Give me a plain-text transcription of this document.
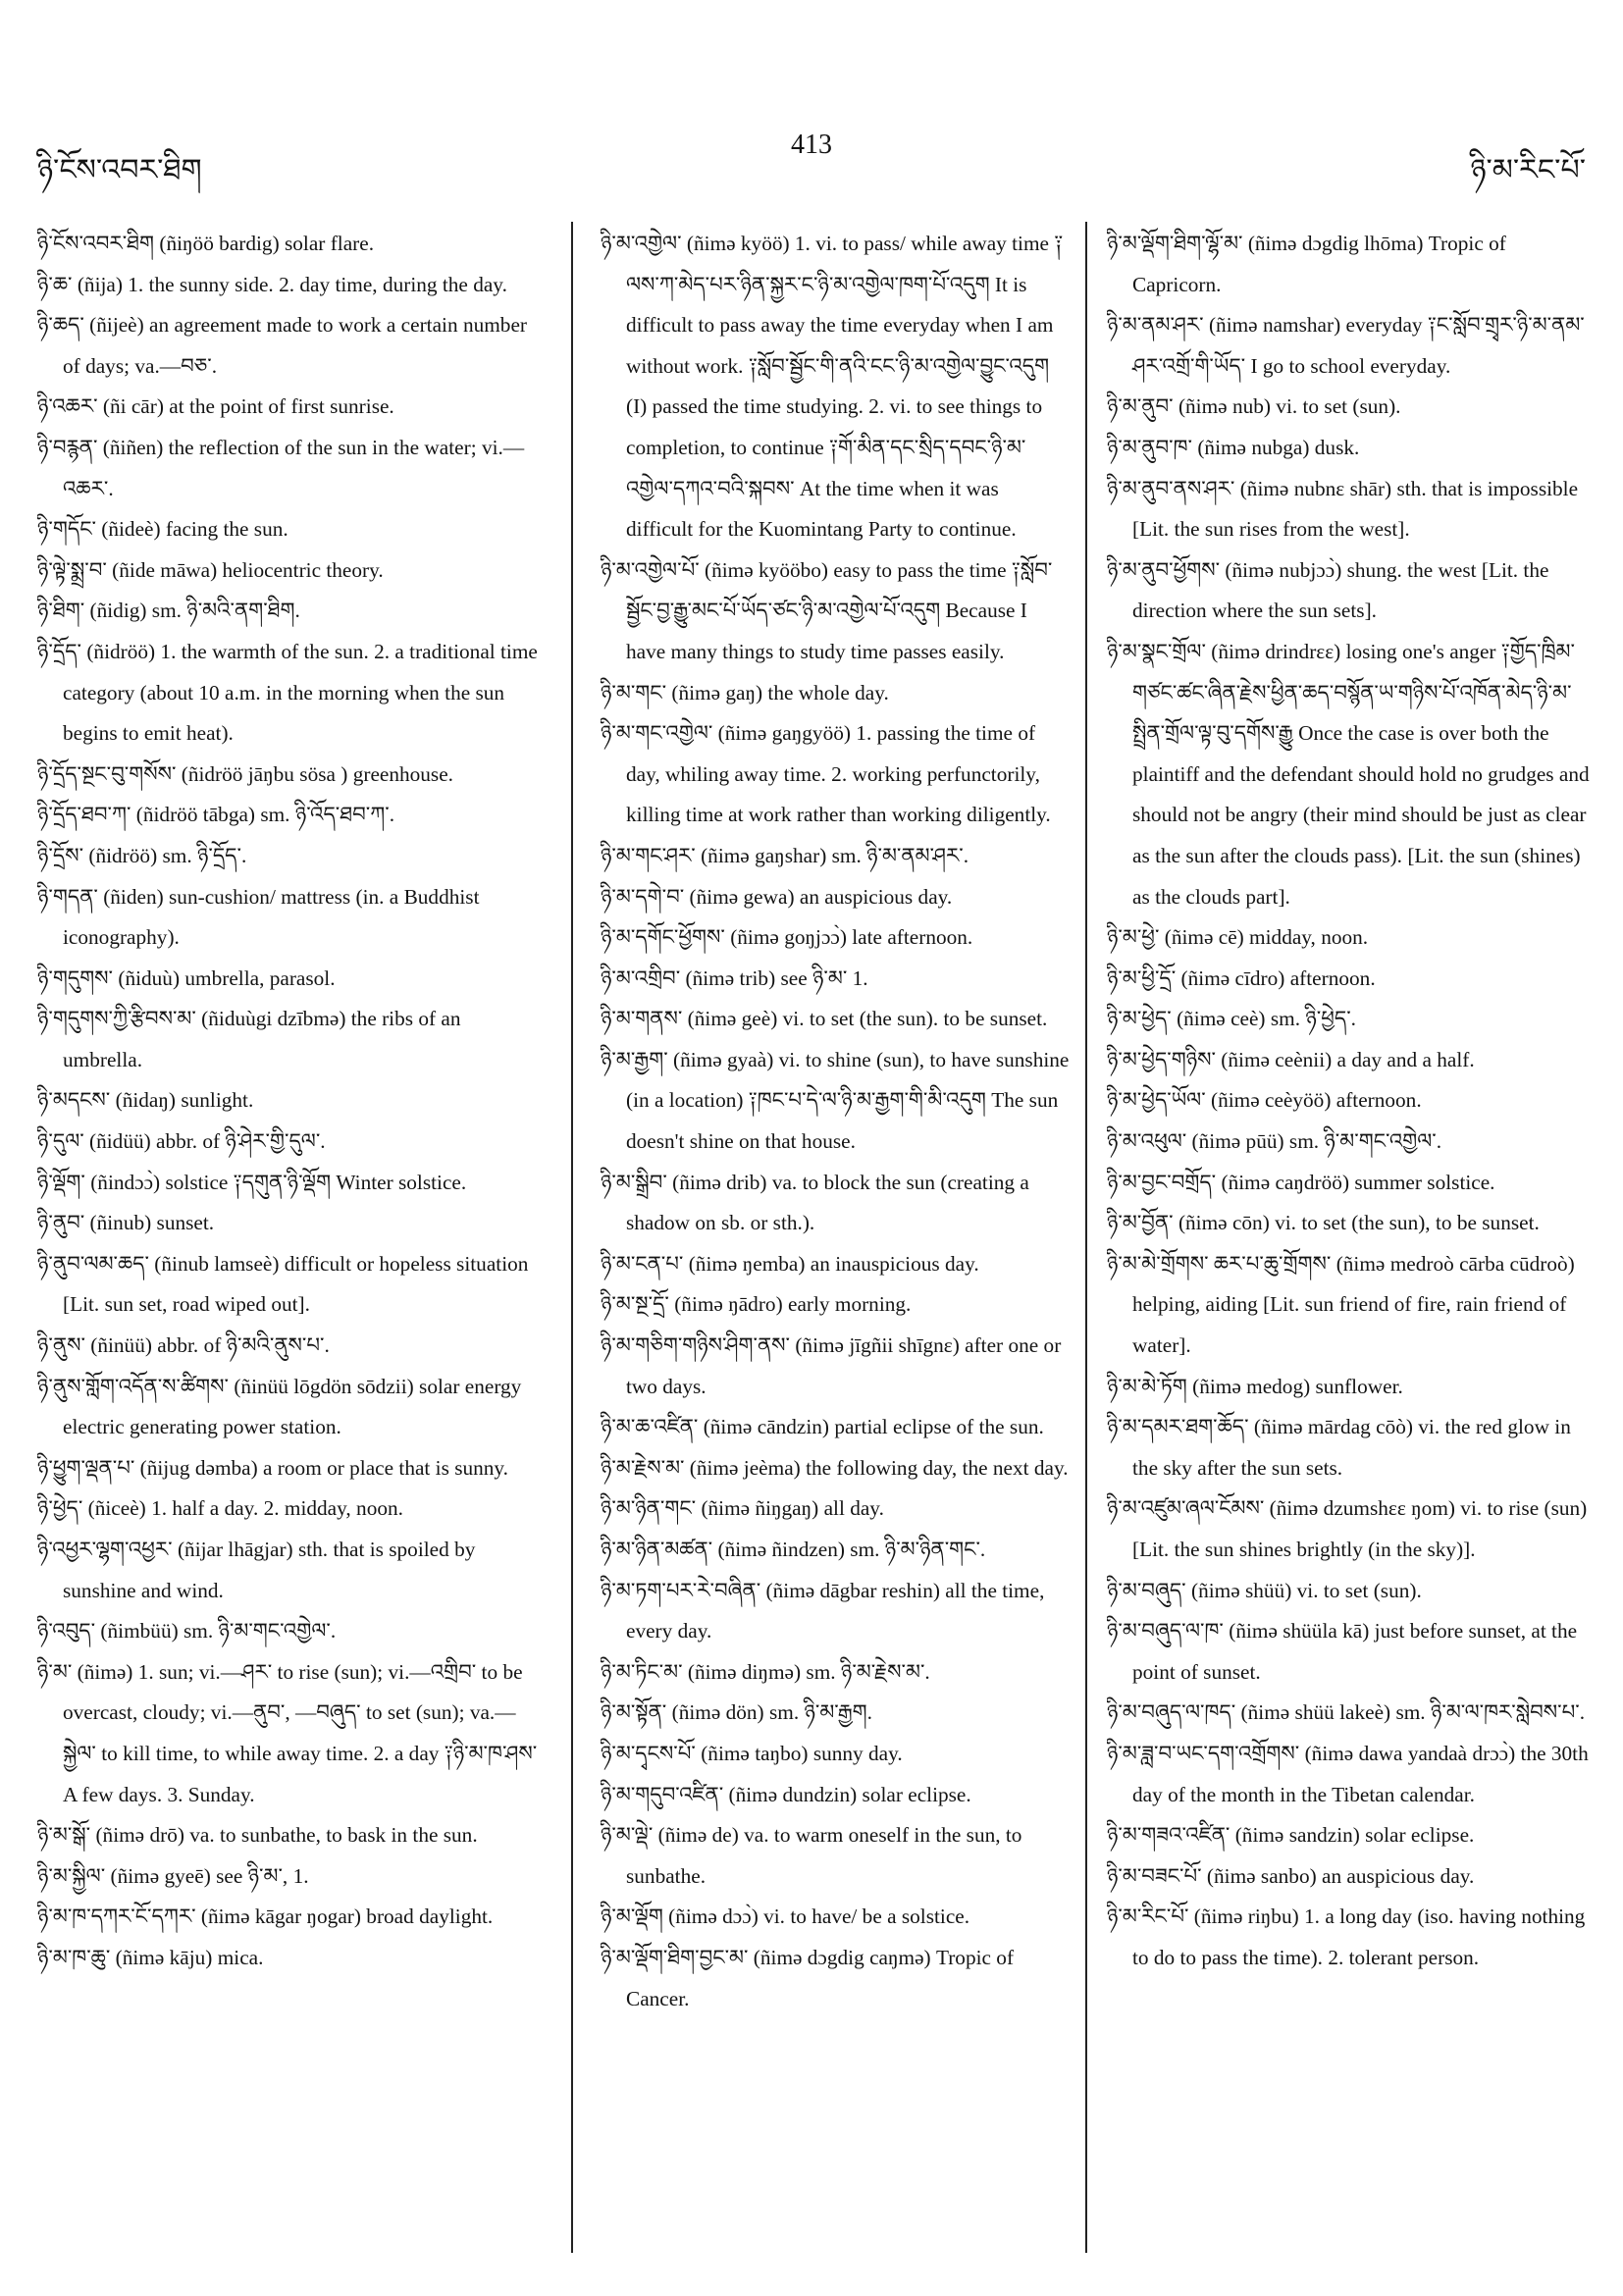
ཉི་ངོས་འབར་ཐིག
413
ཉི་མ་རིང་པོ་

ཉི་ངོས་འབར་ཐིག (ñiŋöö bardig) solar flare.

ཉི་ཆ་ (ñija) 1. the sunny side. 2. day time, during the day.

ཉི་ཆད་ (ñijeè) an agreement made to work a certain number of days; va.—བཅ་.

ཉི་འཆར་ (ñi cār) at the point of first sunrise.

ཉི་བརྙན་ (ñiñen) the reflection of the sun in the water; vi.—འཆར་.

ཉི་གདོང་ (ñideè) facing the sun.

ཉི་ལྟེ་སྨྲ་བ་ (ñide māwa) heliocentric theory.

ཉི་ཐིག་ (ñidig) sm. ཉི་མའི་ནག་ཐིག.

ཉི་དྲོད་ (ñidröö) 1. the warmth of the sun. 2. a traditional time category (about 10 a.m. in the morning when the sun begins to emit heat).

ཉི་དྲོད་སྔང་བུ་གསོས་ (ñidröö jāŋbu sösa ) greenhouse.

ཉི་དྲོད་ཐབ་ཀ་ (ñidröö tābga) sm. ཉི་འོད་ཐབ་ཀ་.

ཉི་དྲོས་ (ñidröö) sm. ཉི་དྲོད་.

ཉི་གདན་ (ñiden) sun-cushion/ mattress (in. a Buddhist iconography).

ཉི་གདུགས་ (ñiduù) umbrella, parasol.

ཉི་གདུགས་ཀྱི་རྩིབས་མ་ (ñiduùgi dzībmə) the ribs of an umbrella.

ཉི་མདངས་ (ñidaŋ) sunlight.

ཉི་དུལ་ (ñidüü) abbr. of ཉི་ཤེར་གྱི་དུལ་.

ཉི་ལྡོག་ (ñindɔɔ̀) solstice ༑དགུན་ཉི་ལྡོག Winter solstice.

ཉི་ནུབ་ (ñinub) sunset.

ཉི་ནུབ་ལམ་ཆད་ (ñinub lamseè) difficult or hopeless situation [Lit. sun set, road wiped out].

ཉི་ནུས་ (ñinüü) abbr. of ཉི་མའི་ནུས་པ་.

ཉི་ནུས་གློག་འདོན་ས་ཚིགས་ (ñinüü lōgdön sōdzii) solar energy electric generating power station.

ཉི་ཕྱུག་ལྡན་པ་ (ñijug dəmba) a room or place that is sunny.

ཉི་ཕྱེད་ (ñiceè) 1. half a day. 2. midday, noon.

ཉི་འཕྱར་ལྷག་འཕྱར་ (ñijar lhāgjar) sth. that is spoiled by sunshine and wind.

ཉི་འབུད་ (ñimbüü) sm. ཉི་མ་གང་འགྱེལ་.

ཉི་མ་ (ñimə) 1. sun; vi.—ཤར་ to rise (sun); vi.—འགྲིབ་ to be overcast, cloudy; vi.—ནུབ་, —བཞུད་ to set (sun); va.—སྐྱེལ་ to kill time, to while away time. 2. a day ༑ཉི་མ་ཁ་ཤས་ A few days. 3. Sunday.

ཉི་མ་སྒོ་ (ñimə drō) va. to sunbathe, to bask in the sun.

ཉི་མ་སྐྱིལ་ (ñimə gyeē) see ཉི་མ་, 1.

ཉི་མ་ཁ་དཀར་ངོ་དཀར་ (ñimə kāgar ŋogar) broad daylight.

ཉི་མ་ཁ་ཆུ་ (ñimə kāju) mica.

ཉི་མ་འགྱེལ་ (ñimə kyöö) 1. vi. to pass/ while away time ༑ལས་ཀ་མེད་པར་ཉིན་སྐྱར་ང་ཉི་མ་འགྱེལ་ཁག་པོ་འདུག It is difficult to pass away the time everyday when I am without work. ༑སློབ་སྦྱོང་གི་ནའི་ངང་ཉི་མ་འགྱེལ་བྱུང་འདུག (I) passed the time studying. 2. vi. to see things to completion, to continue ༑གོ་མིན་དང་སྲིད་དབང་ཉི་མ་འགྱེལ་དཀའ་བའི་སྐབས་ At the time when it was difficult for the Kuomintang Party to continue.

ཉི་མ་འགྱེལ་པོ་ (ñimə kyööbo) easy to pass the time ༑སློབ་སྦྱོང་བྱ་རྒྱུ་མང་པོ་ཡོད་ཙང་ཉི་མ་འགྱེལ་པོ་འདུག Because I have many things to study time passes easily.

ཉི་མ་གང་ (ñimə gaŋ) the whole day.

ཉི་མ་གང་འགྱེལ་ (ñimə gaŋgyöö) 1. passing the time of day, whiling away time. 2. working perfunctorily, killing time at work rather than working diligently.

ཉི་མ་གང་ཤར་ (ñimə gaŋshar) sm. ཉི་མ་ནམ་ཤར་.

ཉི་མ་དགེ་བ་ (ñimə gewa) an auspicious day.

ཉི་མ་དགོང་ཕྱོགས་ (ñimə goŋjɔɔ̀) late afternoon.

ཉི་མ་འགྲིབ་ (ñimə trib) see ཉི་མ་ 1.

ཉི་མ་གནས་ (ñimə geè) vi. to set (the sun). to be sunset.

ཉི་མ་རྒྱག་ (ñimə gyaà) vi. to shine (sun), to have sunshine (in a location) ༑ཁང་པ་དེ་ལ་ཉི་མ་རྒྱག་གི་མི་འདུག The sun doesn't shine on that house.

ཉི་མ་སྒྲིབ་ (ñimə drib) va. to block the sun (creating a shadow on sb. or sth.).

ཉི་མ་ངན་པ་ (ñimə ŋemba) an inauspicious day.

ཉི་མ་སྔ་དྲོ་ (ñimə ŋādro) early morning.

ཉི་མ་གཅིག་གཉིས་ཤིག་ནས་ (ñimə jīgñii shīgnɛ) after one or two days.

ཉི་མ་ཆ་འཛིན་ (ñimə cāndzin) partial eclipse of the sun.

ཉི་མ་རྗེས་མ་ (ñimə jeèma) the following day, the next day.

ཉི་མ་ཉིན་གང་ (ñimə ñiŋgaŋ) all day.

ཉི་མ་ཉིན་མཚན་ (ñimə ñindzen) sm. ཉི་མ་ཉིན་གང་.

ཉི་མ་ཏག་པར་རེ་བཞིན་ (ñimə dāgbar reshin) all the time, every day.

ཉི་མ་ཏིང་མ་ (ñimə diŋmə) sm. ཉི་མ་རྗེས་མ་.

ཉི་མ་སྟོན་ (ñimə dön) sm. ཉི་མ་རྒྱག.

ཉི་མ་དྭངས་པོ་ (ñimə taŋbo) sunny day.

ཉི་མ་གདུབ་འཛིན་ (ñimə dundzin) solar eclipse.

ཉི་མ་ལྡེ་ (ñimə de) va. to warm oneself in the sun, to sunbathe.

ཉི་མ་ལྡོག (ñimə dɔɔ̀) vi. to have/ be a solstice.

ཉི་མ་ལྡོག་ཐིག་བྱང་མ་ (ñimə dɔgdig caŋmə) Tropic of Cancer.

ཉི་མ་ལྡོག་ཐིག་ལྷོ་མ་ (ñimə dɔgdig lhōma) Tropic of Capricorn.

ཉི་མ་ནམ་ཤར་ (ñimə namshar) everyday ༑ང་སློབ་གྲྭར་ཉི་མ་ནམ་ཤར་འགྲོ་གི་ཡོད་ I go to school everyday.

ཉི་མ་ནུབ་ (ñimə nub) vi. to set (sun).

ཉི་མ་ནུབ་ཁ་ (ñimə nubga) dusk.

ཉི་མ་ནུབ་ནས་ཤར་ (ñimə nubnɛ shār) sth. that is impossible [Lit. the sun rises from the west].

ཉི་མ་ནུབ་ཕྱོགས་ (ñimə nubjɔɔ̀) shung. the west [Lit. the direction where the sun sets].

ཉི་མ་སྣང་གྲོལ་ (ñimə drindrɛɛ) losing one's anger ༑གྱོད་ཁྲིམ་གཙང་ཚང་ཞིན་རྗེས་ཕྱིན་ཆད་བསྙོན་ཡ་གཉིས་པོ་འཁོན་མེད་ཉི་མ་སྤྲིན་གྲོལ་ལྟ་བུ་དགོས་རྒྱུ Once the case is over both the plaintiff and the defendant should hold no grudges and should not be angry (their mind should be just as clear as the sun after the clouds pass). [Lit. the sun (shines) as the clouds part].

ཉི་མ་ཕྱེ་ (ñimə cē) midday, noon.

ཉི་མ་ཕྱི་དྲོ་ (ñimə cīdro) afternoon.

ཉི་མ་ཕྱེད་ (ñimə ceè) sm. ཉི་ཕྱེད་.

ཉི་མ་ཕྱེད་གཉིས་ (ñimə ceènii) a day and a half.

ཉི་མ་ཕྱེད་ཡོལ་ (ñimə ceèyöö) afternoon.

ཉི་མ་འཕུལ་ (ñimə pūü) sm. ཉི་མ་གང་འགྱེལ་.

ཉི་མ་བྱང་བགྲོད་ (ñimə caŋdröö) summer solstice.

ཉི་མ་བྱོན་ (ñimə cōn) vi. to set (the sun), to be sunset.

ཉི་མ་མེ་གྲོགས་ ཆར་པ་ཆུ་གྲོགས་ (ñimə medroò cārba cūdroò) helping, aiding [Lit. sun friend of fire, rain friend of water].

ཉི་མ་མེ་ཏོག (ñimə medog) sunflower.

ཉི་མ་དམར་ཐག་ཆོད་ (ñimə mārdag cōò) vi. the red glow in the sky after the sun sets.

ཉི་མ་འཛུམ་ཞལ་ངོམས་ (ñimə dzumshɛɛ ŋom) vi. to rise (sun) [Lit. the sun shines brightly (in the sky)].

ཉི་མ་བཞུད་ (ñimə shüü) vi. to set (sun).

ཉི་མ་བཞུད་ལ་ཁ་ (ñimə shüüla kā) just before sunset, at the point of sunset.

ཉི་མ་བཞུད་ལ་ཁད་ (ñimə shüü lakeè) sm. ཉི་མ་ལ་ཁར་སླེབས་པ་.

ཉི་མ་ཟླ་བ་ཡང་དག་འགྲོགས་ (ñimə dawa yandaà drɔɔ̀) the 30th day of the month in the Tibetan calendar.

ཉི་མ་གཟའ་འཛིན་ (ñimə sandzin) solar eclipse.

ཉི་མ་བཟང་པོ་ (ñimə sanbo) an auspicious day.

ཉི་མ་རིང་པོ་ (ñimə riŋbu) 1. a long day (iso. having nothing to do to pass the time). 2. tolerant person.
